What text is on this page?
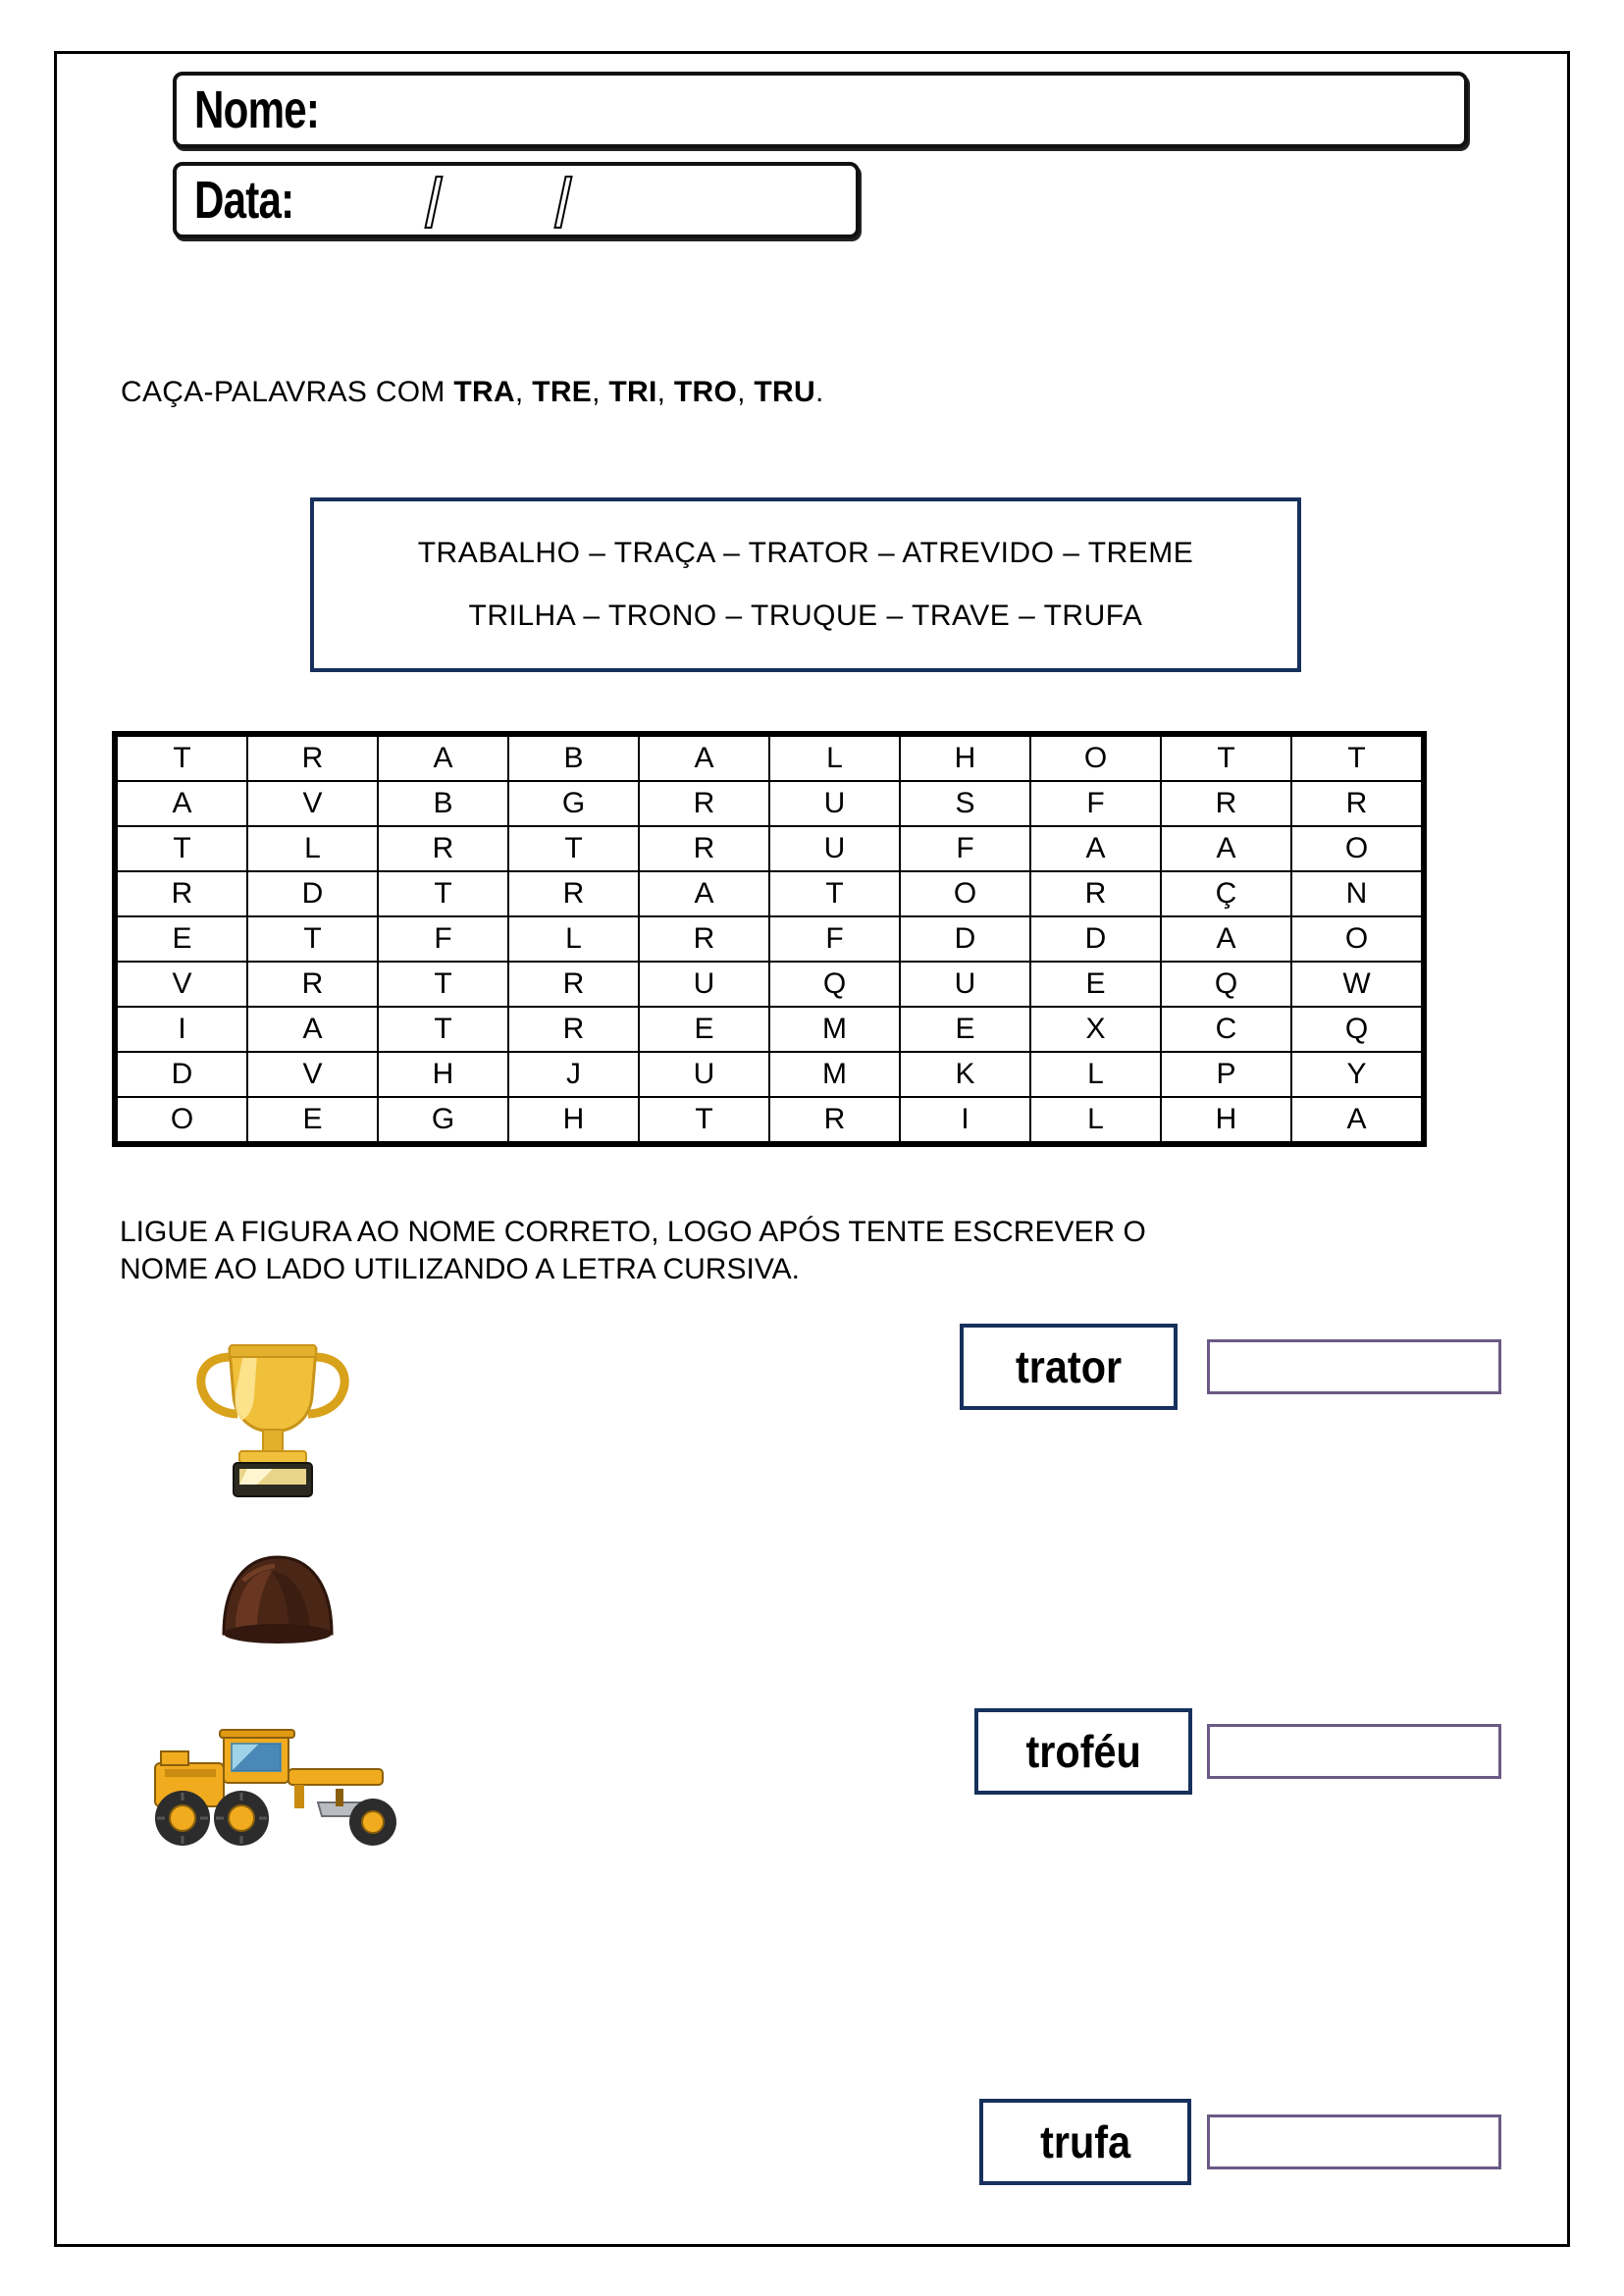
Nome:
Data:
CAÇA-PALAVRAS COM TRA, TRE, TRI, TRO, TRU.
TRABALHO – TRAÇA – TRATOR – ATREVIDO – TREME
TRILHA – TRONO – TRUQUE – TRAVE – TRUFA
T	R	A	B	A	L	H	O	T	T
A	V	B	G	R	U	S	F	R	R
T	L	R	T	R	U	F	A	A	O
R	D	T	R	A	T	O	R	Ç	N
E	T	F	L	R	F	D	D	A	O
V	R	T	R	U	Q	U	E	Q	W
I	A	T	R	E	M	E	X	C	Q
D	V	H	J	U	M	K	L	P	Y
O	E	G	H	T	R	I	L	H	A
LIGUE A FIGURA AO NOME CORRETO, LOGO APÓS TENTE ESCREVER O
NOME AO LADO UTILIZANDO A LETRA CURSIVA.
trator
troféu
trufa
